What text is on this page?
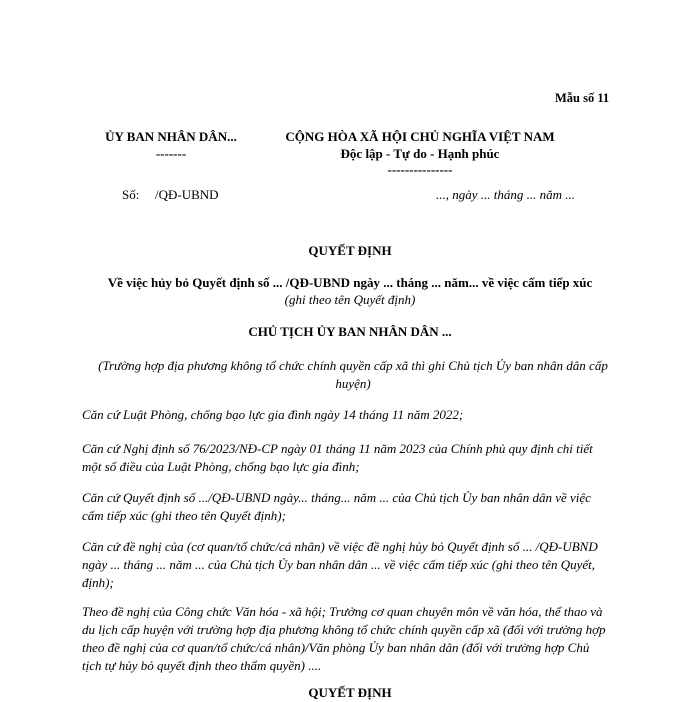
Mẫu số 11
ỦY BAN NHÂN DÂN...
-------
Số: /QĐ-UBND
CỘNG HÒA XÃ HỘI CHỦ NGHĨA VIỆT NAM
Độc lập - Tự do - Hạnh phúc
---------------
..., ngày ... tháng ... năm ...
QUYẾT ĐỊNH
Về việc hủy bỏ Quyết định số ... /QĐ-UBND ngày ... tháng ... năm... về việc cấm tiếp xúc
(ghi theo tên Quyết định)
CHỦ TỊCH ỦY BAN NHÂN DÂN ...
(Trường hợp địa phương không tổ chức chính quyền cấp xã thì ghi Chủ tịch Ủy ban nhân dân cấp huyện)
Căn cứ Luật Phòng, chống bạo lực gia đình ngày 14 tháng 11 năm 2022;
Căn cứ Nghị định số 76/2023/NĐ-CP ngày 01 tháng 11 năm 2023 của Chính phủ quy định chi tiết một số điều của Luật Phòng, chống bạo lực gia đình;
Căn cứ Quyết định số .../QĐ-UBND ngày... tháng... năm ... của Chủ tịch Ủy ban nhân dân về việc cấm tiếp xúc (ghi theo tên Quyết định);
Căn cứ đề nghị của (cơ quan/tổ chức/cá nhân) về việc đề nghị hủy bỏ Quyết định số ... /QĐ-UBND ngày ... tháng ... năm ... của Chủ tịch Ủy ban nhân dân ... về việc cấm tiếp xúc (ghi theo tên Quyết, định);
Theo đề nghị của Công chức Văn hóa - xã hội; Trưởng cơ quan chuyên môn về văn hóa, thể thao và du lịch cấp huyện với trường hợp địa phương không tổ chức chính quyền cấp xã (đối với trường hợp theo đề nghị của cơ quan/tổ chức/cá nhân)/Văn phòng Ủy ban nhân dân (đối với trường hợp Chủ tịch tự hủy bỏ quyết định theo thẩm quyền) ....
QUYẾT ĐỊNH
